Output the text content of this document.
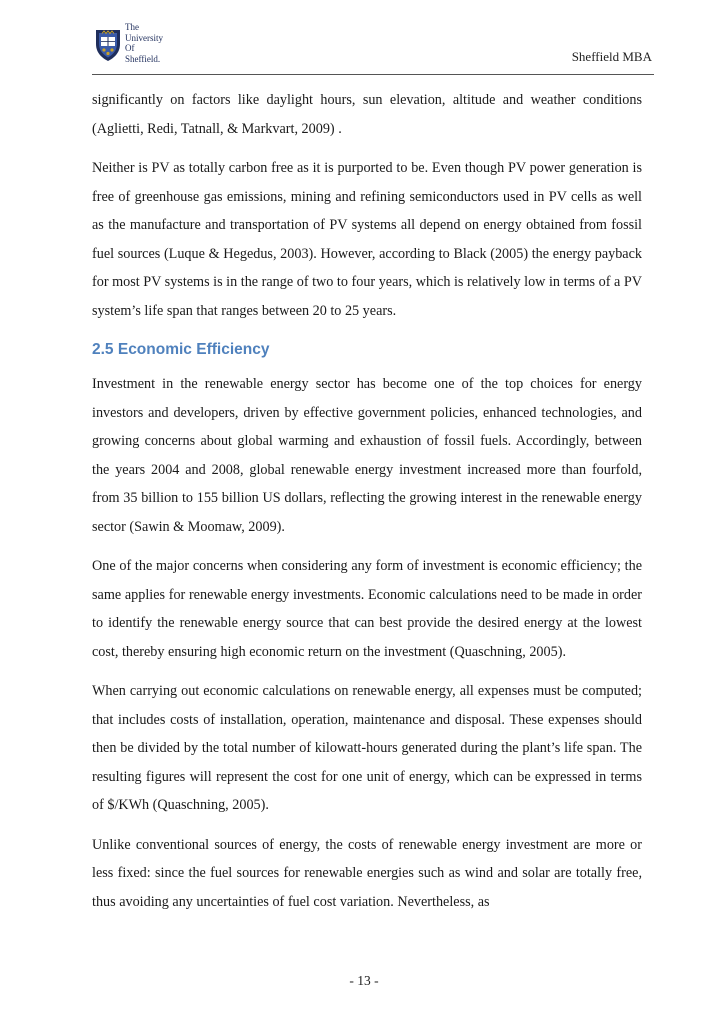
The
University
Of
Sheffield.	Sheffield MBA

significantly on factors like daylight hours, sun elevation, altitude and weather conditions (Aglietti, Redi, Tatnall, & Markvart, 2009) .

Neither is PV as totally carbon free as it is purported to be. Even though PV power generation is free of greenhouse gas emissions, mining and refining semiconductors used in PV cells as well as the manufacture and transportation of PV systems all depend on energy obtained from fossil fuel sources (Luque & Hegedus, 2003). However, according to Black (2005) the energy payback for most PV systems is in the range of two to four years, which is relatively low in terms of a PV system’s life span that ranges between 20 to 25 years.

2.5 Economic Efficiency

Investment in the renewable energy sector has become one of the top choices for energy investors and developers, driven by effective government policies, enhanced technologies, and growing concerns about global warming and exhaustion of fossil fuels. Accordingly, between the years 2004 and 2008, global renewable energy investment increased more than fourfold, from 35 billion to 155 billion US dollars, reflecting the growing interest in the renewable energy sector (Sawin & Moomaw, 2009).

One of the major concerns when considering any form of investment is economic efficiency; the same applies for renewable energy investments. Economic calculations need to be made in order to identify the renewable energy source that can best provide the desired energy at the lowest cost, thereby ensuring high economic return on the investment (Quaschning, 2005).

When carrying out economic calculations on renewable energy, all expenses must be computed; that includes costs of installation, operation, maintenance and disposal. These expenses should then be divided by the total number of kilowatt-hours generated during the plant’s life span. The resulting figures will represent the cost for one unit of energy, which can be expressed in terms of $/KWh (Quaschning, 2005).

Unlike conventional sources of energy, the costs of renewable energy investment are more or less fixed: since the fuel sources for renewable energies such as wind and solar are totally free, thus avoiding any uncertainties of fuel cost variation. Nevertheless, as

- 13 -
